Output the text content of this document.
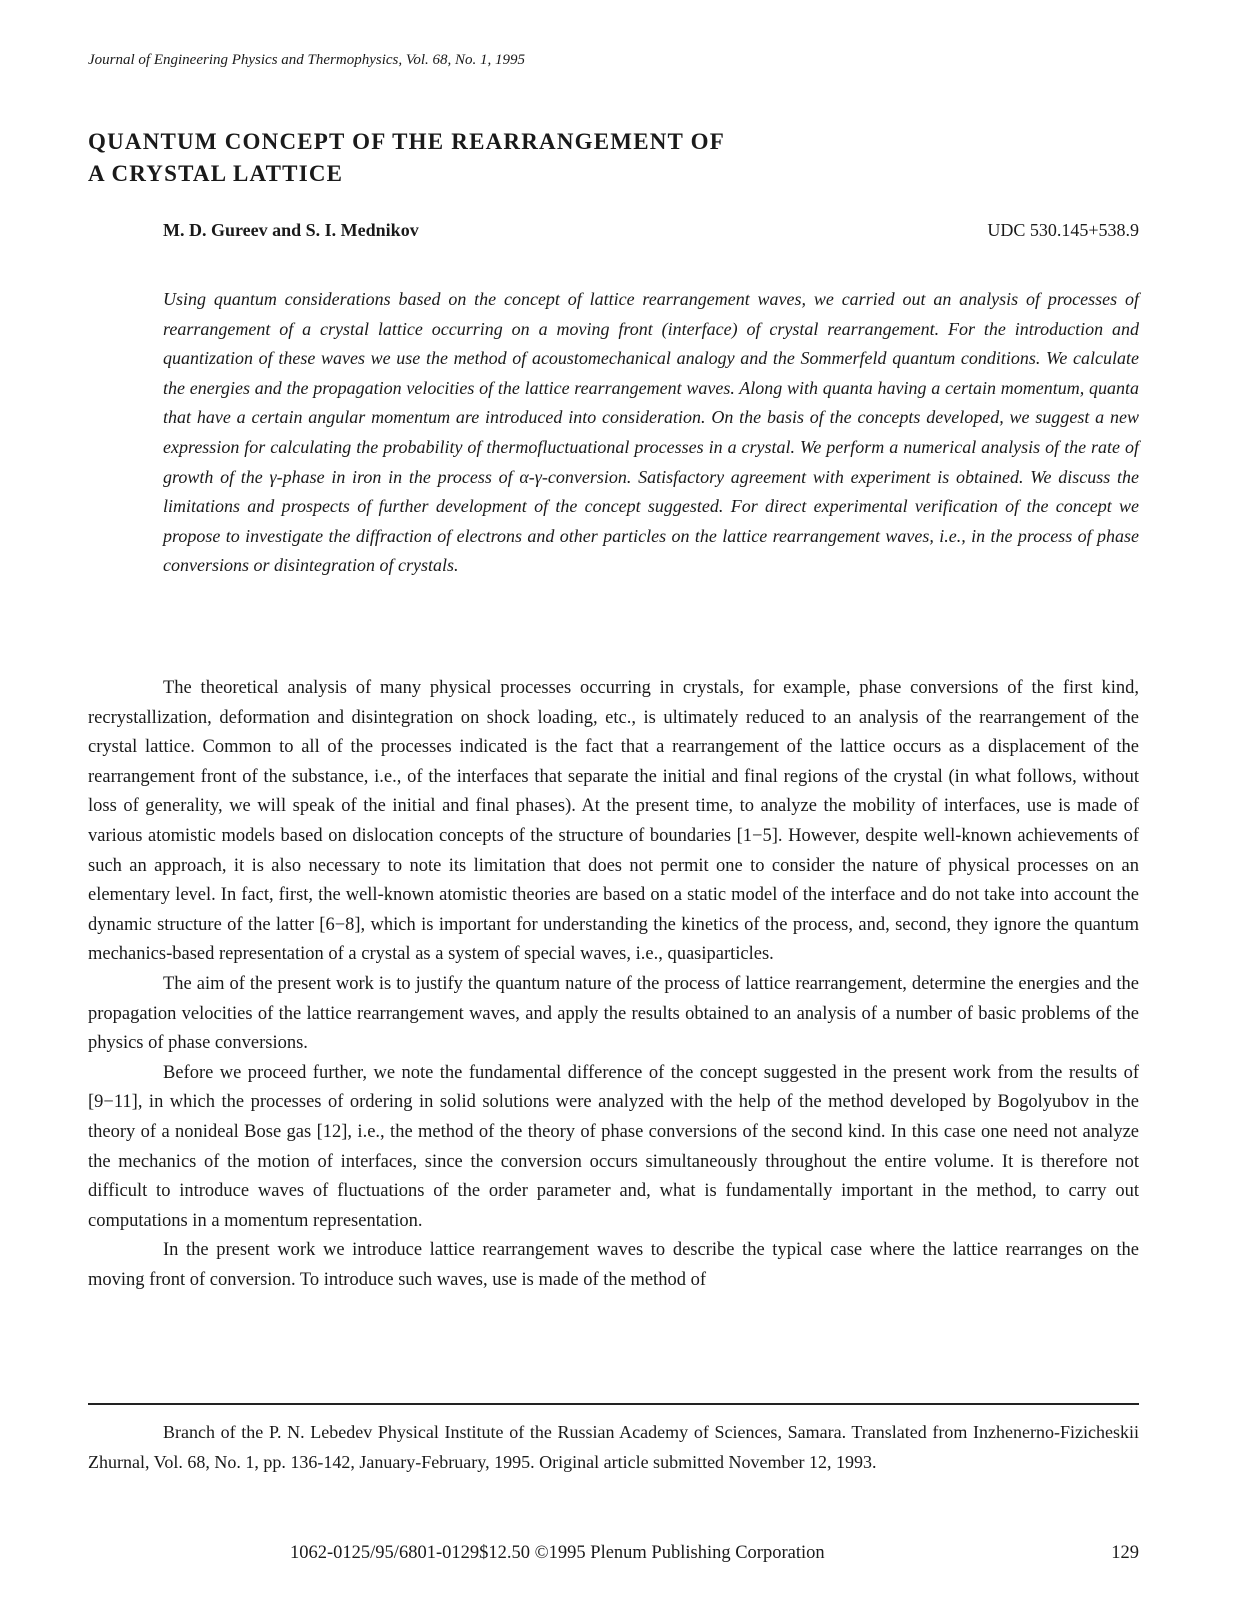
Journal of Engineering Physics and Thermophysics, Vol. 68, No. 1, 1995
QUANTUM CONCEPT OF THE REARRANGEMENT OF
A CRYSTAL LATTICE
M. D. Gureev and S. I. Mednikov	UDC 530.145+538.9

Using quantum considerations based on the concept of lattice rearrangement waves, we carried out an analysis of processes of rearrangement of a crystal lattice occurring on a moving front (interface) of crystal rearrangement. For the introduction and quantization of these waves we use the method of acoustomechanical analogy and the Sommerfeld quantum conditions. We calculate the energies and the propagation velocities of the lattice rearrangement waves. Along with quanta having a certain momentum, quanta that have a certain angular momentum are introduced into consideration. On the basis of the concepts developed, we suggest a new expression for calculating the probability of thermofluctuational processes in a crystal. We perform a numerical analysis of the rate of growth of the γ-phase in iron in the process of α-γ-conversion. Satisfactory agreement with experiment is obtained. We discuss the limitations and prospects of further development of the concept suggested. For direct experimental verification of the concept we propose to investigate the diffraction of electrons and other particles on the lattice rearrangement waves, i.e., in the process of phase conversions or disintegration of crystals.

The theoretical analysis of many physical processes occurring in crystals, for example, phase conversions of the first kind, recrystallization, deformation and disintegration on shock loading, etc., is ultimately reduced to an analysis of the rearrangement of the crystal lattice. Common to all of the processes indicated is the fact that a rearrangement of the lattice occurs as a displacement of the rearrangement front of the substance, i.e., of the interfaces that separate the initial and final regions of the crystal (in what follows, without loss of generality, we will speak of the initial and final phases). At the present time, to analyze the mobility of interfaces, use is made of various atomistic models based on dislocation concepts of the structure of boundaries [1−5]. However, despite well-known achievements of such an approach, it is also necessary to note its limitation that does not permit one to consider the nature of physical processes on an elementary level. In fact, first, the well-known atomistic theories are based on a static model of the interface and do not take into account the dynamic structure of the latter [6−8], which is important for understanding the kinetics of the process, and, second, they ignore the quantum mechanics-based representation of a crystal as a system of special waves, i.e., quasiparticles.

The aim of the present work is to justify the quantum nature of the process of lattice rearrangement, determine the energies and the propagation velocities of the lattice rearrangement waves, and apply the results obtained to an analysis of a number of basic problems of the physics of phase conversions.

Before we proceed further, we note the fundamental difference of the concept suggested in the present work from the results of [9−11], in which the processes of ordering in solid solutions were analyzed with the help of the method developed by Bogolyubov in the theory of a nonideal Bose gas [12], i.e., the method of the theory of phase conversions of the second kind. In this case one need not analyze the mechanics of the motion of interfaces, since the conversion occurs simultaneously throughout the entire volume. It is therefore not difficult to introduce waves of fluctuations of the order parameter and, what is fundamentally important in the method, to carry out computations in a momentum representation.

In the present work we introduce lattice rearrangement waves to describe the typical case where the lattice rearranges on the moving front of conversion. To introduce such waves, use is made of the method of

Branch of the P. N. Lebedev Physical Institute of the Russian Academy of Sciences, Samara. Translated from Inzhenerno-Fizicheskii Zhurnal, Vol. 68, No. 1, pp. 136-142, January-February, 1995. Original article submitted November 12, 1993.

1062-0125/95/6801-0129$12.50 ©1995 Plenum Publishing Corporation	129
